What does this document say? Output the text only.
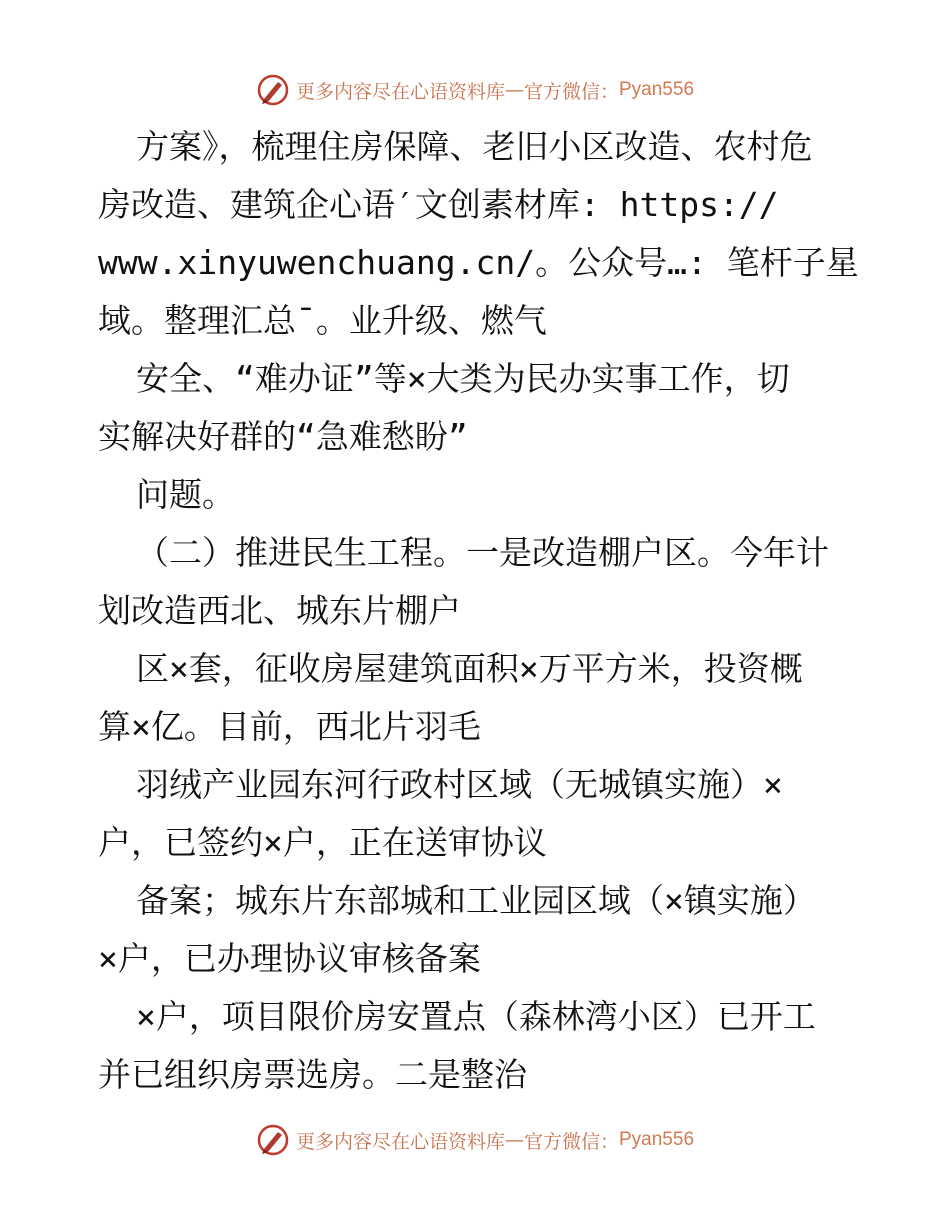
更多内容尽在心语资料库 — 官方微信： Pyan556
方案》，梳理住房保障、老旧小区改造、农村危
房改造、建筑企心语′文创素材库: https://
www.xinyuwenchuang.cn/。公众号…: 笔杆子星
域。整理汇总¯。业升级、燃气
安全、“难办证”等×大类为民办实事工作，切
实解决好群的“急难愁盼”
问题。
（二）推进民生工程。一是改造棚户区。今年计
划改造西北、城东片棚户
区×套，征收房屋建筑面积×万平方米，投资概
算×亿。目前，西北片羽毛
羽绒产业园东河行政村区域（无城镇实施）×
户，已签约×户，正在送审协议
备案；城东片东部城和工业园区域（×镇实施）
×户，已办理协议审核备案
×户，项目限价房安置点（森林湾小区）已开工
并已组织房票选房。二是整治
更多内容尽在心语资料库 — 官方微信： Pyan556
